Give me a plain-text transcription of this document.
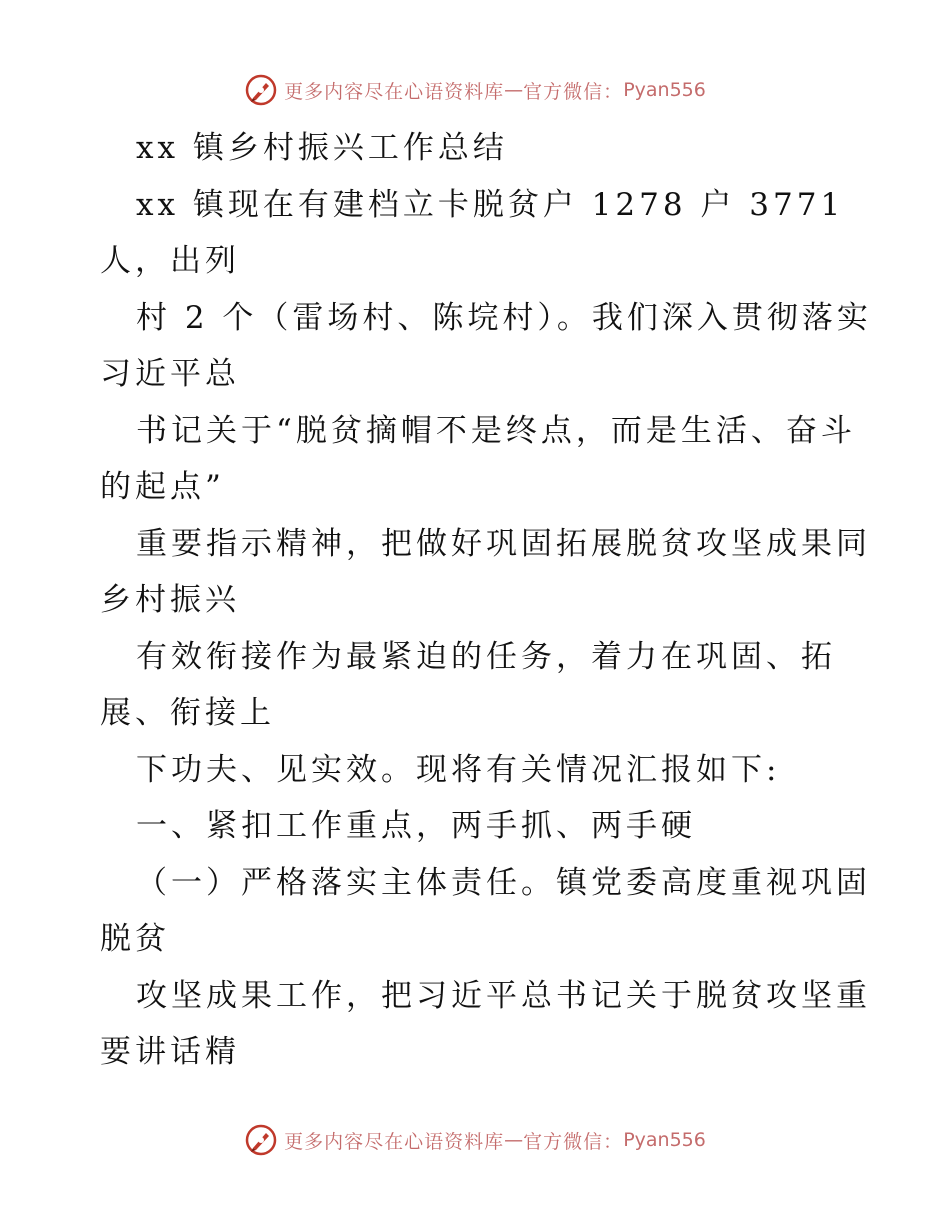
更多内容尽在心语资料库 — 官方微信： Pyan556
xx 镇乡村振兴工作总结
xx 镇现在有建档立卡脱贫户 1278 户 3771
人，出列
村 2 个（雷场村、陈垸村）。我们深入贯彻落实
习近平总
书记关于“脱贫摘帽不是终点，而是生活、奋斗
的起点”
重要指示精神，把做好巩固拓展脱贫攻坚成果同
乡村振兴
有效衔接作为最紧迫的任务，着力在巩固、拓
展、衔接上
下功夫、见实效。现将有关情况汇报如下:
一、紧扣工作重点，两手抓、两手硬
（一）严格落实主体责任。镇党委高度重视巩固
脱贫
攻坚成果工作，把习近平总书记关于脱贫攻坚重
要讲话精
更多内容尽在心语资料库 — 官方微信： Pyan556
